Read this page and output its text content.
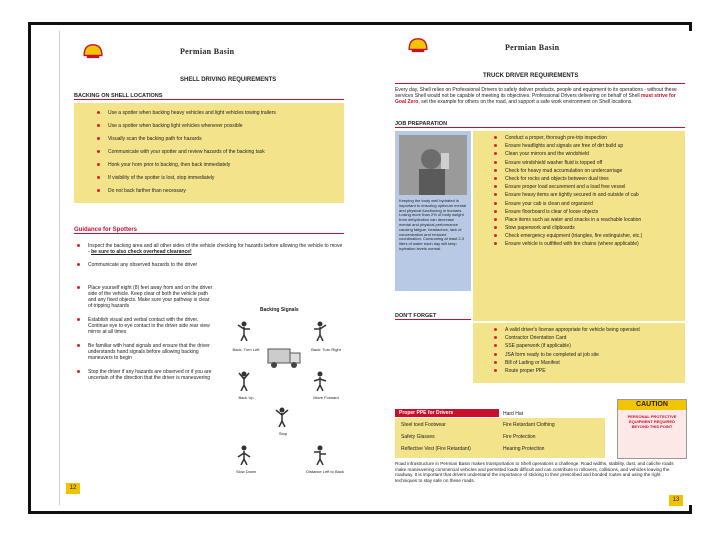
Permian Basin
SHELL DRIVING REQUIREMENTS
BACKING ON SHELL LOCATIONS
Use a spotter when backing heavy vehicles and light vehicles towing trailers
Use a spotter when backing light vehicles whenever possible
Visually scan the backing path for hazards
Communicate with your spotter and review hazards of the backing task
Honk your horn prior to backing, then back immediately
If visibility of the spotter is lost, stop immediately
Do not back farther than necessary
Guidance for Spotters
Inspect the backing area and all other sides of the vehicle checking for hazards before allowing the vehicle to move - be sure to also check overhead clearance!
Communicate any observed hazards to the driver
Place yourself eight (8) feet away from and on the driver side of the vehicle. Keep clear of both the vehicle path and any fixed objects. Make sure your pathway is clear of tripping hazards
Establish visual and verbal contact with the driver. Continue eye to eye contact in the driver side rear view mirror at all times
Be familiar with hand signals and ensure that the driver understands hand signals before allowing backing maneuvers to begin
Stop the driver if any hazards are observed or if you are uncertain of the direction that the driver is maneuvering
Backing Signals
Back: Turn Left	Back: Turn Right
Back Up	Move Forward
Stop
Slow Down	Distance Left to Back
12
Permian Basin
TRUCK DRIVER REQUIREMENTS
Every day, Shell relies on Professional Drivers to safely deliver products, people and equipment to its operations - without these services Shell would not be capable of meeting its objectives. Professional Drivers delivering on behalf of Shell must strive for Goal Zero, set the example for others on the road, and support a safe work environment on Shell locations.
JOB PREPARATION
Keeping the body well hydrated is important to ensuring optimum mental and physical functioning in humans. Losing more than 2% of body weight from dehydration can decrease mental and physical performance causing fatigue, headaches, lack of concentration and reduced coordination. Consuming at least 2-3 liters of water each day will keep hydration levels normal.
Conduct a proper, thorough pre-trip inspection
Ensure headlights and signals are free of dirt build up
Clean your mirrors and the windshield
Ensure windshield washer fluid is topped off
Check for heavy mud accumulation on undercarriage
Check for rocks and objects between dual tires
Ensure proper load securement and a load free vessel
Ensure heavy items are tightly secured in and outside of cab
Ensure your cab is clean and organized
Ensure floorboard is clear of loose objects
Place items such as water and snacks in a reachable location
Stow paperwork and clipboards
Check emergency equipment (triangles, fire extinguisher, etc.)
Ensure vehicle is outfitted with tire chains (where applicable)
DON'T FORGET
A valid driver's license appropriate for vehicle being operated
Contractor Orientation Card
SSE paperwork (if applicable)
JSA form ready to be completed at job site
Bill of Lading or Manifest
Route proper PPE
Proper PPE for Drivers	Hard Hat
Steel toed Footwear	Fire Retardant Clothing
Safety Glasses	Fire Protection
Reflective Vest (Fire Retardant)	Hearing Protection
CAUTION
PERSONAL PROTECTIVE EQUIPMENT REQUIRED BEYOND THIS POINT
Road infrastructure in Permian Basin makes transportation to Shell operations a challenge. Road widths, stability, dust, and caliche roads make maneuvering commercial vehicles and permitted loads difficult and can contribute to rollovers, collisions, and vehicles leaving the roadway. It is important that drivers understand the importance of sticking to their prescribed and bonded routes and using the right techniques to stay safe on these roads.
13
